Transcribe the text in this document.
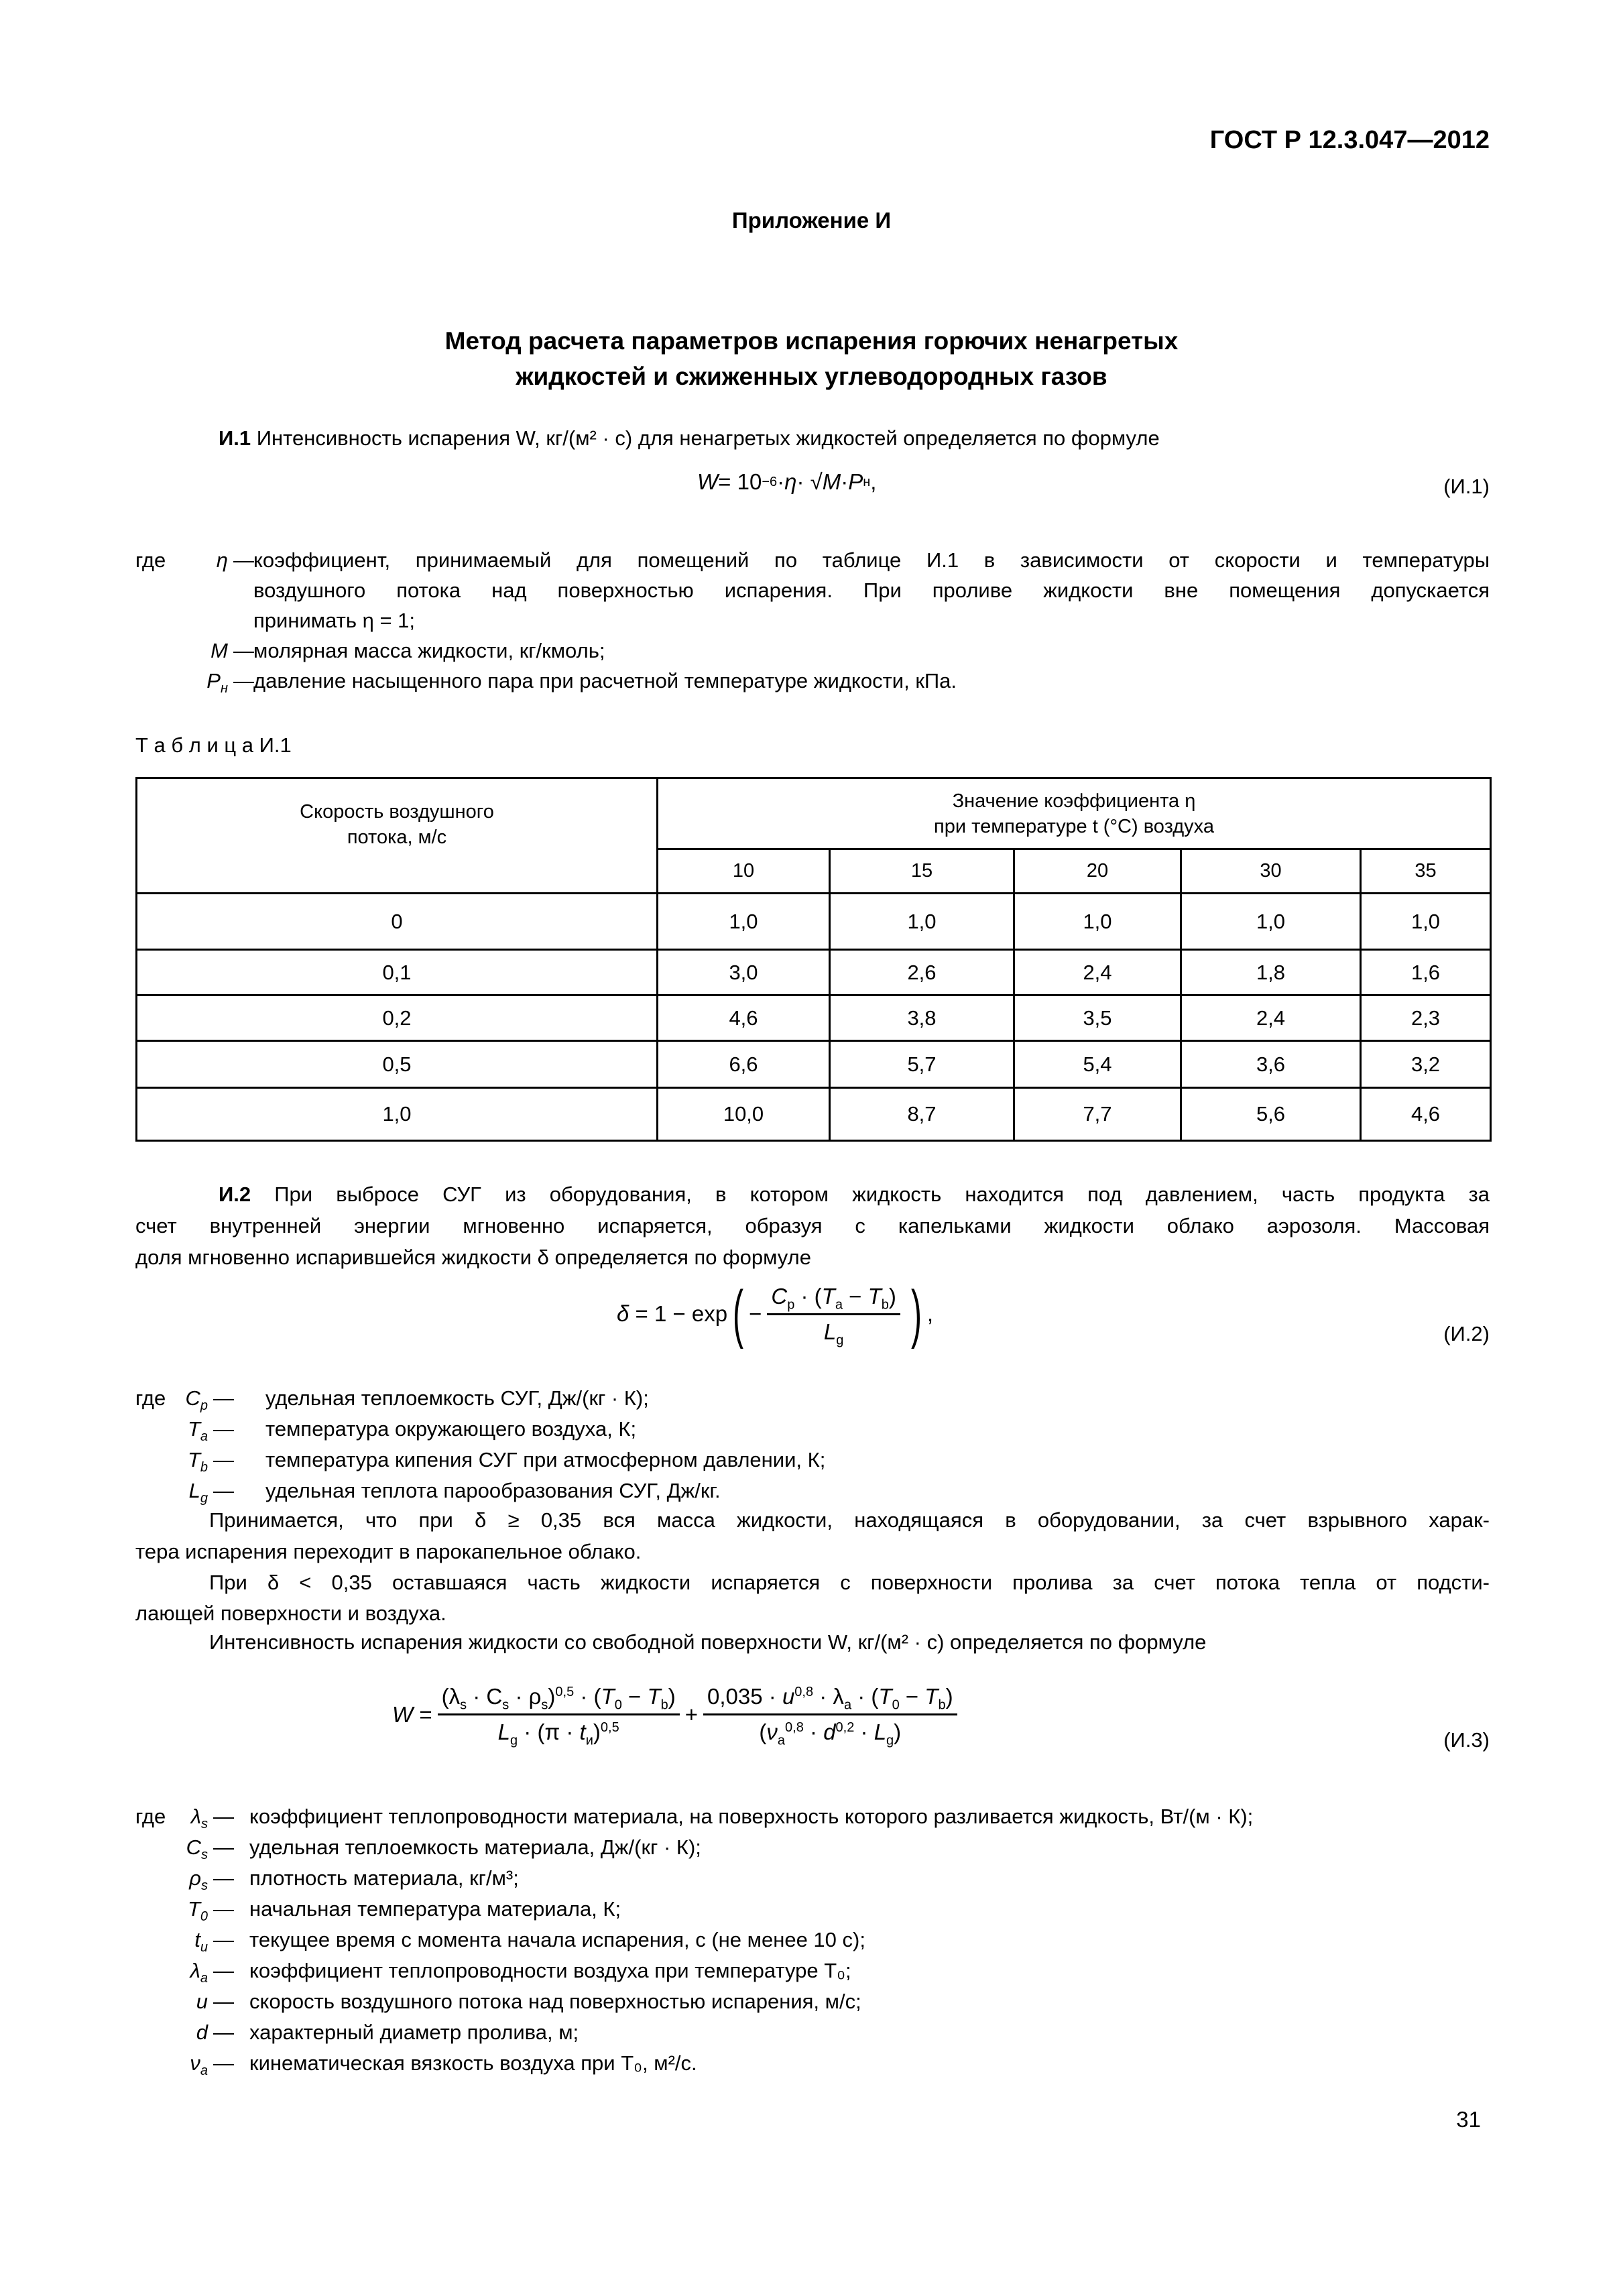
ГОСТ Р 12.3.047—2012
Приложение И
Метод расчета параметров испарения горючих ненагретых
жидкостей и сжиженных углеводородных газов
И.1 Интенсивность испарения W, кг/(м² · с) для ненагретых жидкостей определяется по формуле
W = 10 −6 · η · √ M · P н ,	(И.1)
где η — коэффициент, принимаемый для помещений по таблице И.1 в зависимости от скорости и температуры
воздушного потока над поверхностью испарения. При проливе жидкости вне помещения допускается
принимать η = 1;
M — молярная масса жидкости, кг/кмоль;
$P_н$ — давление насыщенного пара при расчетной температуре жидкости, кПа.
Т а б л и ц а И.1
Скорость воздушного
потока, м/с	Значение коэффициента η
при температуре t (°C) воздуха				
	10	15	20	30	35
0	1,0	1,0	1,0	1,0	1,0
0,1	3,0	2,6	2,4	1,8	1,6
0,2	4,6	3,8	3,5	2,4	2,3
0,5	6,6	5,7	5,4	3,6	3,2
1,0	10,0	8,7	7,7	5,6	4,6
И.2 При выбросе СУГ из оборудования, в котором жидкость находится под давлением, часть продукта за
счет внутренней энергии мгновенно испаряется, образуя с капельками жидкости облако аэрозоля. Массовая
доля мгновенно испарившейся жидкости δ определяется по формуле
δ = 1 − exp ( − $\frac{C_p \cdot (T_a - T_b)}{L_g}$ ) ,
(И.2)
где $C_p$ — удельная теплоемкость СУГ, Дж/(кг · К);
$T_a$ — температура окружающего воздуха, К;
$T_b$ — температура кипения СУГ при атмосферном давлении, К;
$L_g$ — удельная теплота парообразования СУГ, Дж/кг.
Принимается, что при δ ≥ 0,35 вся масса жидкости, находящаяся в оборудовании, за счет взрывного харак-
тера испарения переходит в парокапельное облако.
При δ < 0,35 оставшаяся часть жидкости испаряется с поверхности пролива за счет потока тепла от подсти-
лающей поверхности и воздуха.
Интенсивность испарения жидкости со свободной поверхности W, кг/(м² · с) определяется по формуле
$W = \frac{(\lambda_s \cdot C_s \cdot \rho_s)^{0,5} \cdot (T_0 - T_b)}{L_g \cdot (\pi \cdot t_и)^{0,5}} + \frac{0,035 \cdot u^{0,8} \cdot \lambda_a \cdot (T_0 - T_b)}{(\nu_a^{0,8} \cdot d^{0,2} \cdot L_g)}$	(И.3)
где $\lambda_s$ — коэффициент теплопроводности материала, на поверхность которого разливается жидкость, Вт/(м · К);
$C_s$ — удельная теплоемкость материала, Дж/(кг · К);
$\rho_s$ — плотность материала, кг/м³;
$T_0$ — начальная температура материала, К;
$t_и$ — текущее время с момента начала испарения, с (не менее 10 с);
$\lambda_a$ — коэффициент теплопроводности воздуха при температуре T₀;
u — скорость воздушного потока над поверхностью испарения, м/с;
d — характерный диаметр пролива, м;
$\nu_a$ — кинематическая вязкость воздуха при T₀, м²/с.
31
